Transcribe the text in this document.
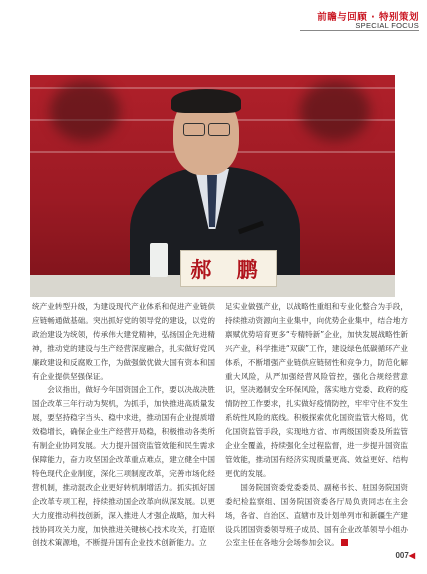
前瞻与回顾 · 特别策划
SPECIAL FOCUS
郝 鹏

统产业转型升级，为建设现代产业体系和促进产业链供应链畅通做基础。突出抓好党的领导党的建设，以党的政治建设为统领，传承伟大建党精神，弘扬国企先进精神，推动党的建设与生产经营深度融合，扎实做好党风廉政建设和反腐败工作，为做强做优做大国有资本和国有企业提供坚强保证。

会议指出，做好今年国资国企工作，要以决战决胜国企改革三年行动为契机，为抓手，加快推进高质量发展，要坚持稳字当头、稳中求进，推动国有企业提质增效稳增长，确保企业生产经营开局稳，积极推动各类所有制企业协同发展。大力提升国资监管效能和民生需求保障能力，奋力攻坚国企改革重点难点，建立健全中国特色现代企业制度，深化三项制度改革，完善市场化经营机制，推动混改企业更好转机制增活力。抓实抓好国企改革专项工程，持续推动国企改革向纵深发展。以更大力度推动科技创新，深入推进人才强企战略，加大科技协同攻关力度，加快推进关键核心技术攻关，打造原创技术策源地，不断提升国有企业技术创新能力。立

足实业做强产业，以战略性重组和专业化整合为手段，持续推动资源向主业集中，向优势企业集中，结合地方禀赋优势培育更多“专精特新”企业，加快发展战略性新兴产业，科学推进“双碳”工作，建设绿色低碳循环产业体系，不断增强产业链供应链韧性和竞争力，防范化解重大风险，从严加强经营风险管控，强化合规经营意识，坚决遏制安全环保风险，落实地方党委、政府的疫情防控工作要求，扎实做好疫情防控，牢牢守住不发生系统性风险的底线。积极探索优化国资监管大格局，优化国资监管手段，实现地方省、市两级国资委及所监管企业全覆盖，持续强化全过程监督，进一步提升国资监管效能，推动国有经济实现质量更高、效益更好、结构更优的发展。

国务院国资委党委委员、副秘书长、驻国务院国资委纪检监察组、国务院国资委各厅局负责同志在主会场，各省、自治区、直辖市及计划单列市和新疆生产建设兵团国资委领导班子成员、国有企业改革领导小组办公室主任在各地分会场参加会议。

007◀
